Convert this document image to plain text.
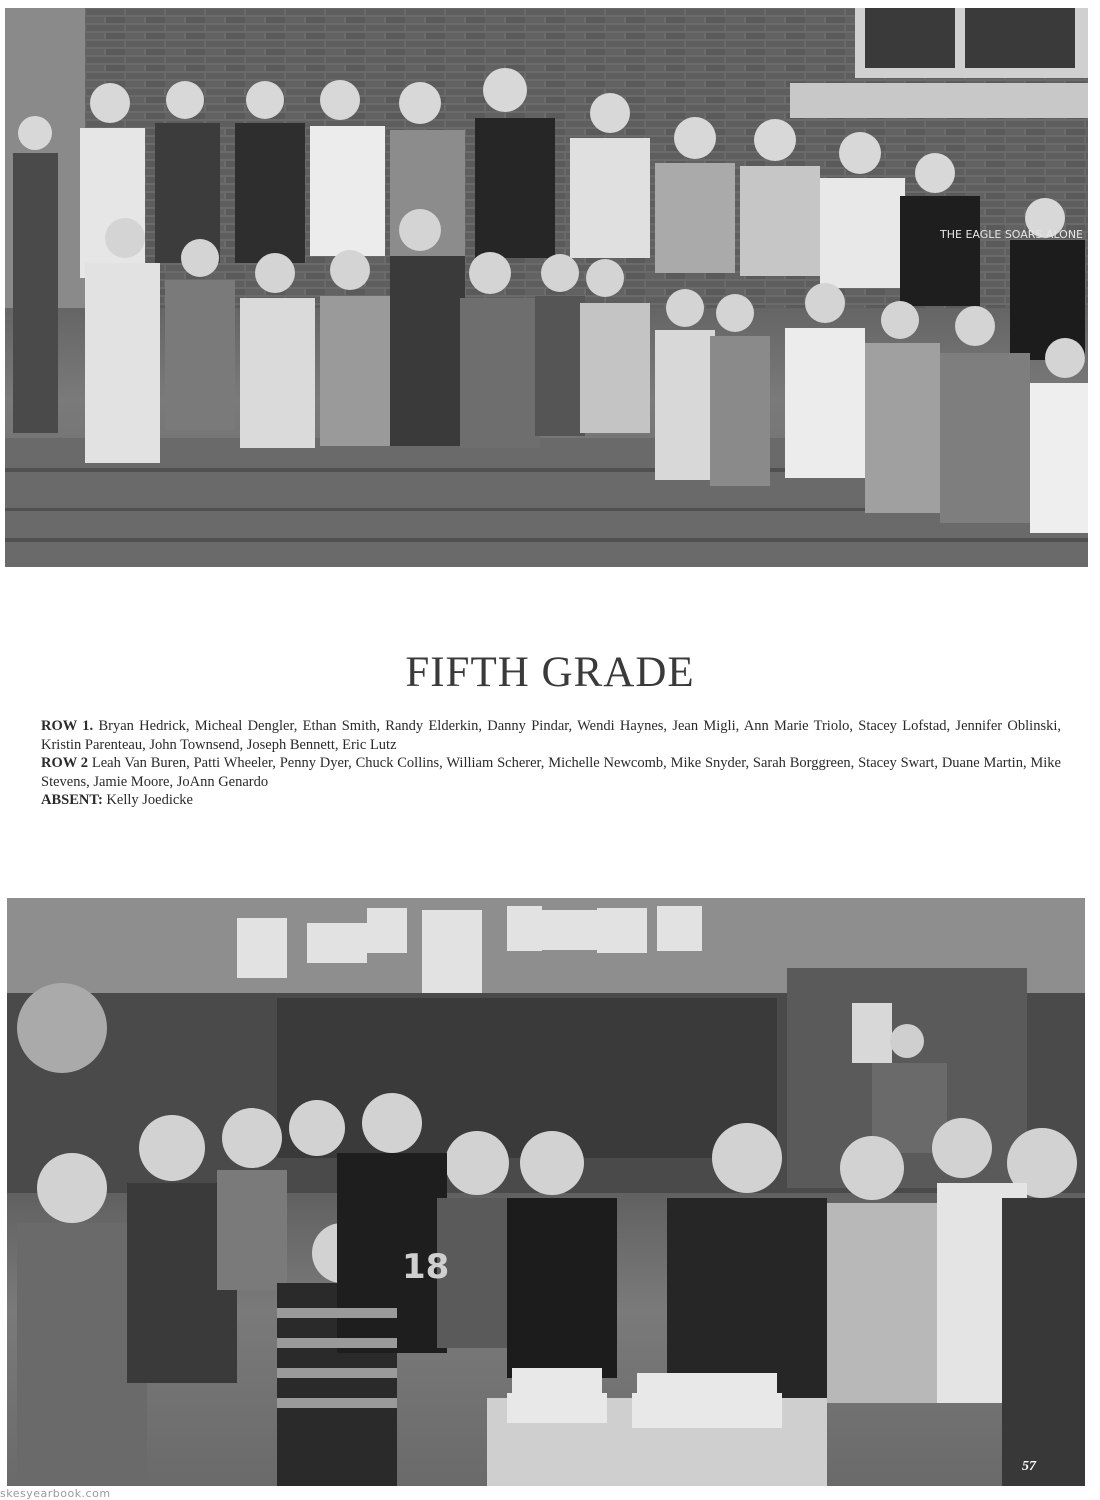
THE EAGLE SOARS ALONE
FIFTH GRADE

ROW 1. Bryan Hedrick, Micheal Dengler, Ethan Smith, Randy Elderkin, Danny Pindar, Wendi Haynes, Jean Migli, Ann Marie Triolo, Stacey Lofstad, Jennifer Oblinski, Kristin Parenteau, John Townsend, Joseph Bennett, Eric Lutz

ROW 2 Leah Van Buren, Patti Wheeler, Penny Dyer, Chuck Collins, William Scherer, Michelle Newcomb, Mike Snyder, Sarah Borggreen, Stacey Swart, Duane Martin, Mike Stevens, Jamie Moore, JoAnn Genardo

ABSENT: Kelly Joedicke

18
57
skesyearbook.com
